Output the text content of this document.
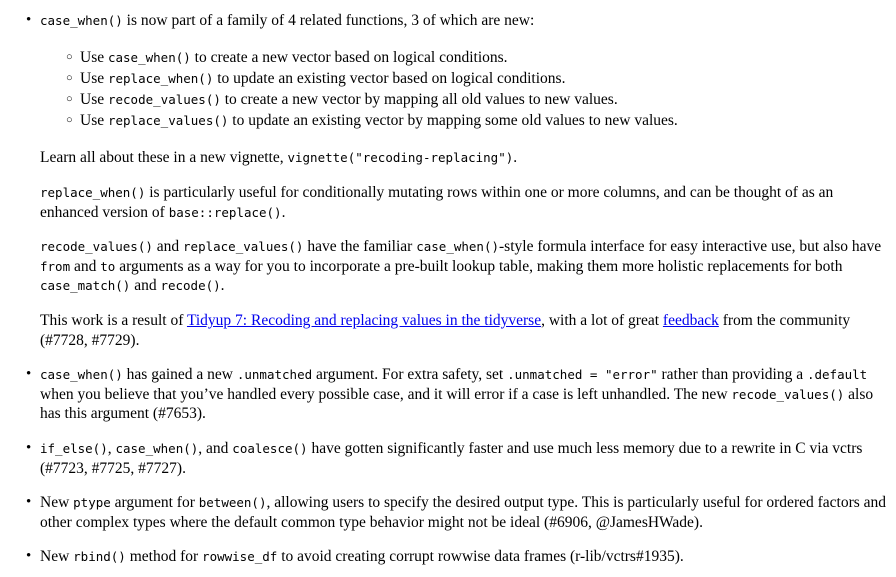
• case_when() is now part of a family of 4 related functions, 3 of which are new:
○ Use case_when() to create a new vector based on logical conditions.
○ Use replace_when() to update an existing vector based on logical conditions.
○ Use recode_values() to create a new vector by mapping all old values to new values.
○ Use replace_values() to update an existing vector by mapping some old values to new values.
Learn all about these in a new vignette, vignette("recoding-replacing").
replace_when() is particularly useful for conditionally mutating rows within one or more columns, and can be thought of as an enhanced version of base::replace().
recode_values() and replace_values() have the familiar case_when()-style formula interface for easy interactive use, but also have from and to arguments as a way for you to incorporate a pre-built lookup table, making them more holistic replacements for both case_match() and recode().
This work is a result of Tidyup 7: Recoding and replacing values in the tidyverse, with a lot of great feedback from the community (#7728, #7729).
• case_when() has gained a new .unmatched argument. For extra safety, set .unmatched = "error" rather than providing a .default when you believe that you’ve handled every possible case, and it will error if a case is left unhandled. The new recode_values() also has this argument (#7653).
• if_else(), case_when(), and coalesce() have gotten significantly faster and use much less memory due to a rewrite in C via vctrs (#7723, #7725, #7727).
• New ptype argument for between(), allowing users to specify the desired output type. This is particularly useful for ordered factors and other complex types where the default common type behavior might not be ideal (#6906, @JamesHWade).
• New rbind() method for rowwise_df to avoid creating corrupt rowwise data frames (r-lib/vctrs#1935).
